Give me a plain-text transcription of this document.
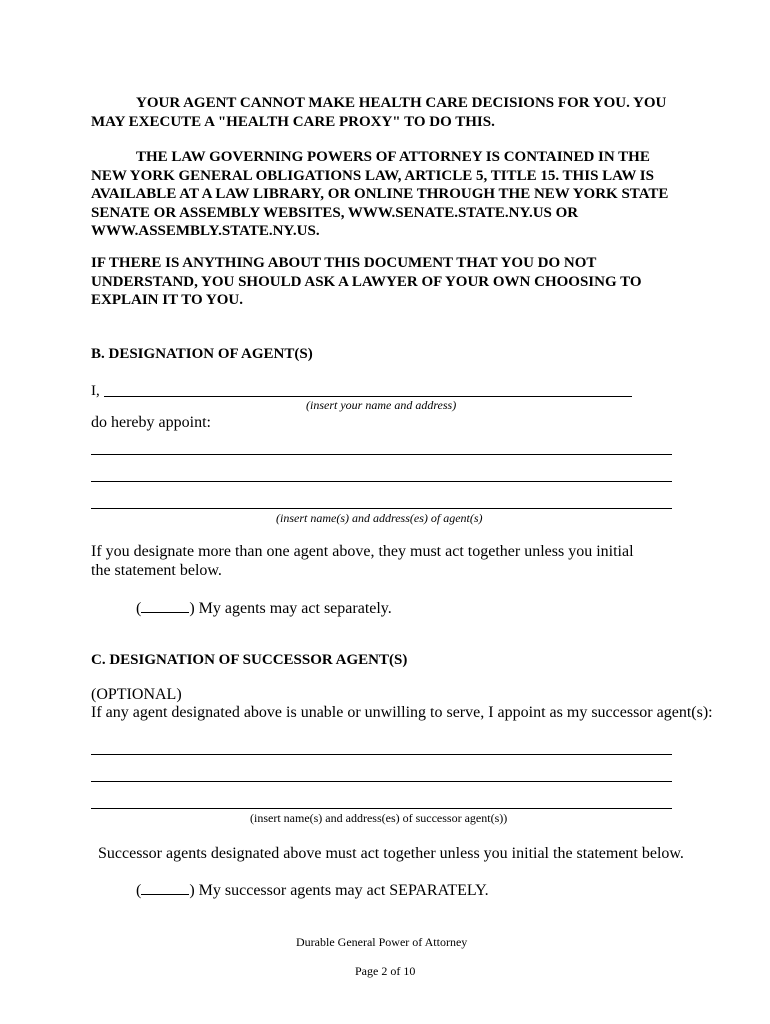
YOUR AGENT CANNOT MAKE HEALTH CARE DECISIONS FOR YOU. YOU MAY EXECUTE A "HEALTH CARE PROXY" TO DO THIS.

THE LAW GOVERNING POWERS OF ATTORNEY IS CONTAINED IN THE NEW YORK GENERAL OBLIGATIONS LAW, ARTICLE 5, TITLE 15. THIS LAW IS AVAILABLE AT A LAW LIBRARY, OR ONLINE THROUGH THE NEW YORK STATE SENATE OR ASSEMBLY WEBSITES, WWW.SENATE.STATE.NY.US OR WWW.ASSEMBLY.STATE.NY.US.

IF THERE IS ANYTHING ABOUT THIS DOCUMENT THAT YOU DO NOT UNDERSTAND, YOU SHOULD ASK A LAWYER OF YOUR OWN CHOOSING TO EXPLAIN IT TO YOU.

B. DESIGNATION OF AGENT(S)
I,
(insert your name and address)
do hereby appoint:
(insert name(s) and address(es) of agent(s)

If you designate more than one agent above, they must act together unless you initial the statement below.

(	) My agents may act separately.
C. DESIGNATION OF SUCCESSOR AGENT(S)
(OPTIONAL)
If any agent designated above is unable or unwilling to serve, I appoint as my successor agent(s):
(insert name(s) and address(es) of successor agent(s))
Successor agents designated above must act together unless you initial the statement below.
(	) My successor agents may act SEPARATELY.
Durable General Power of Attorney
Page 2 of 10
